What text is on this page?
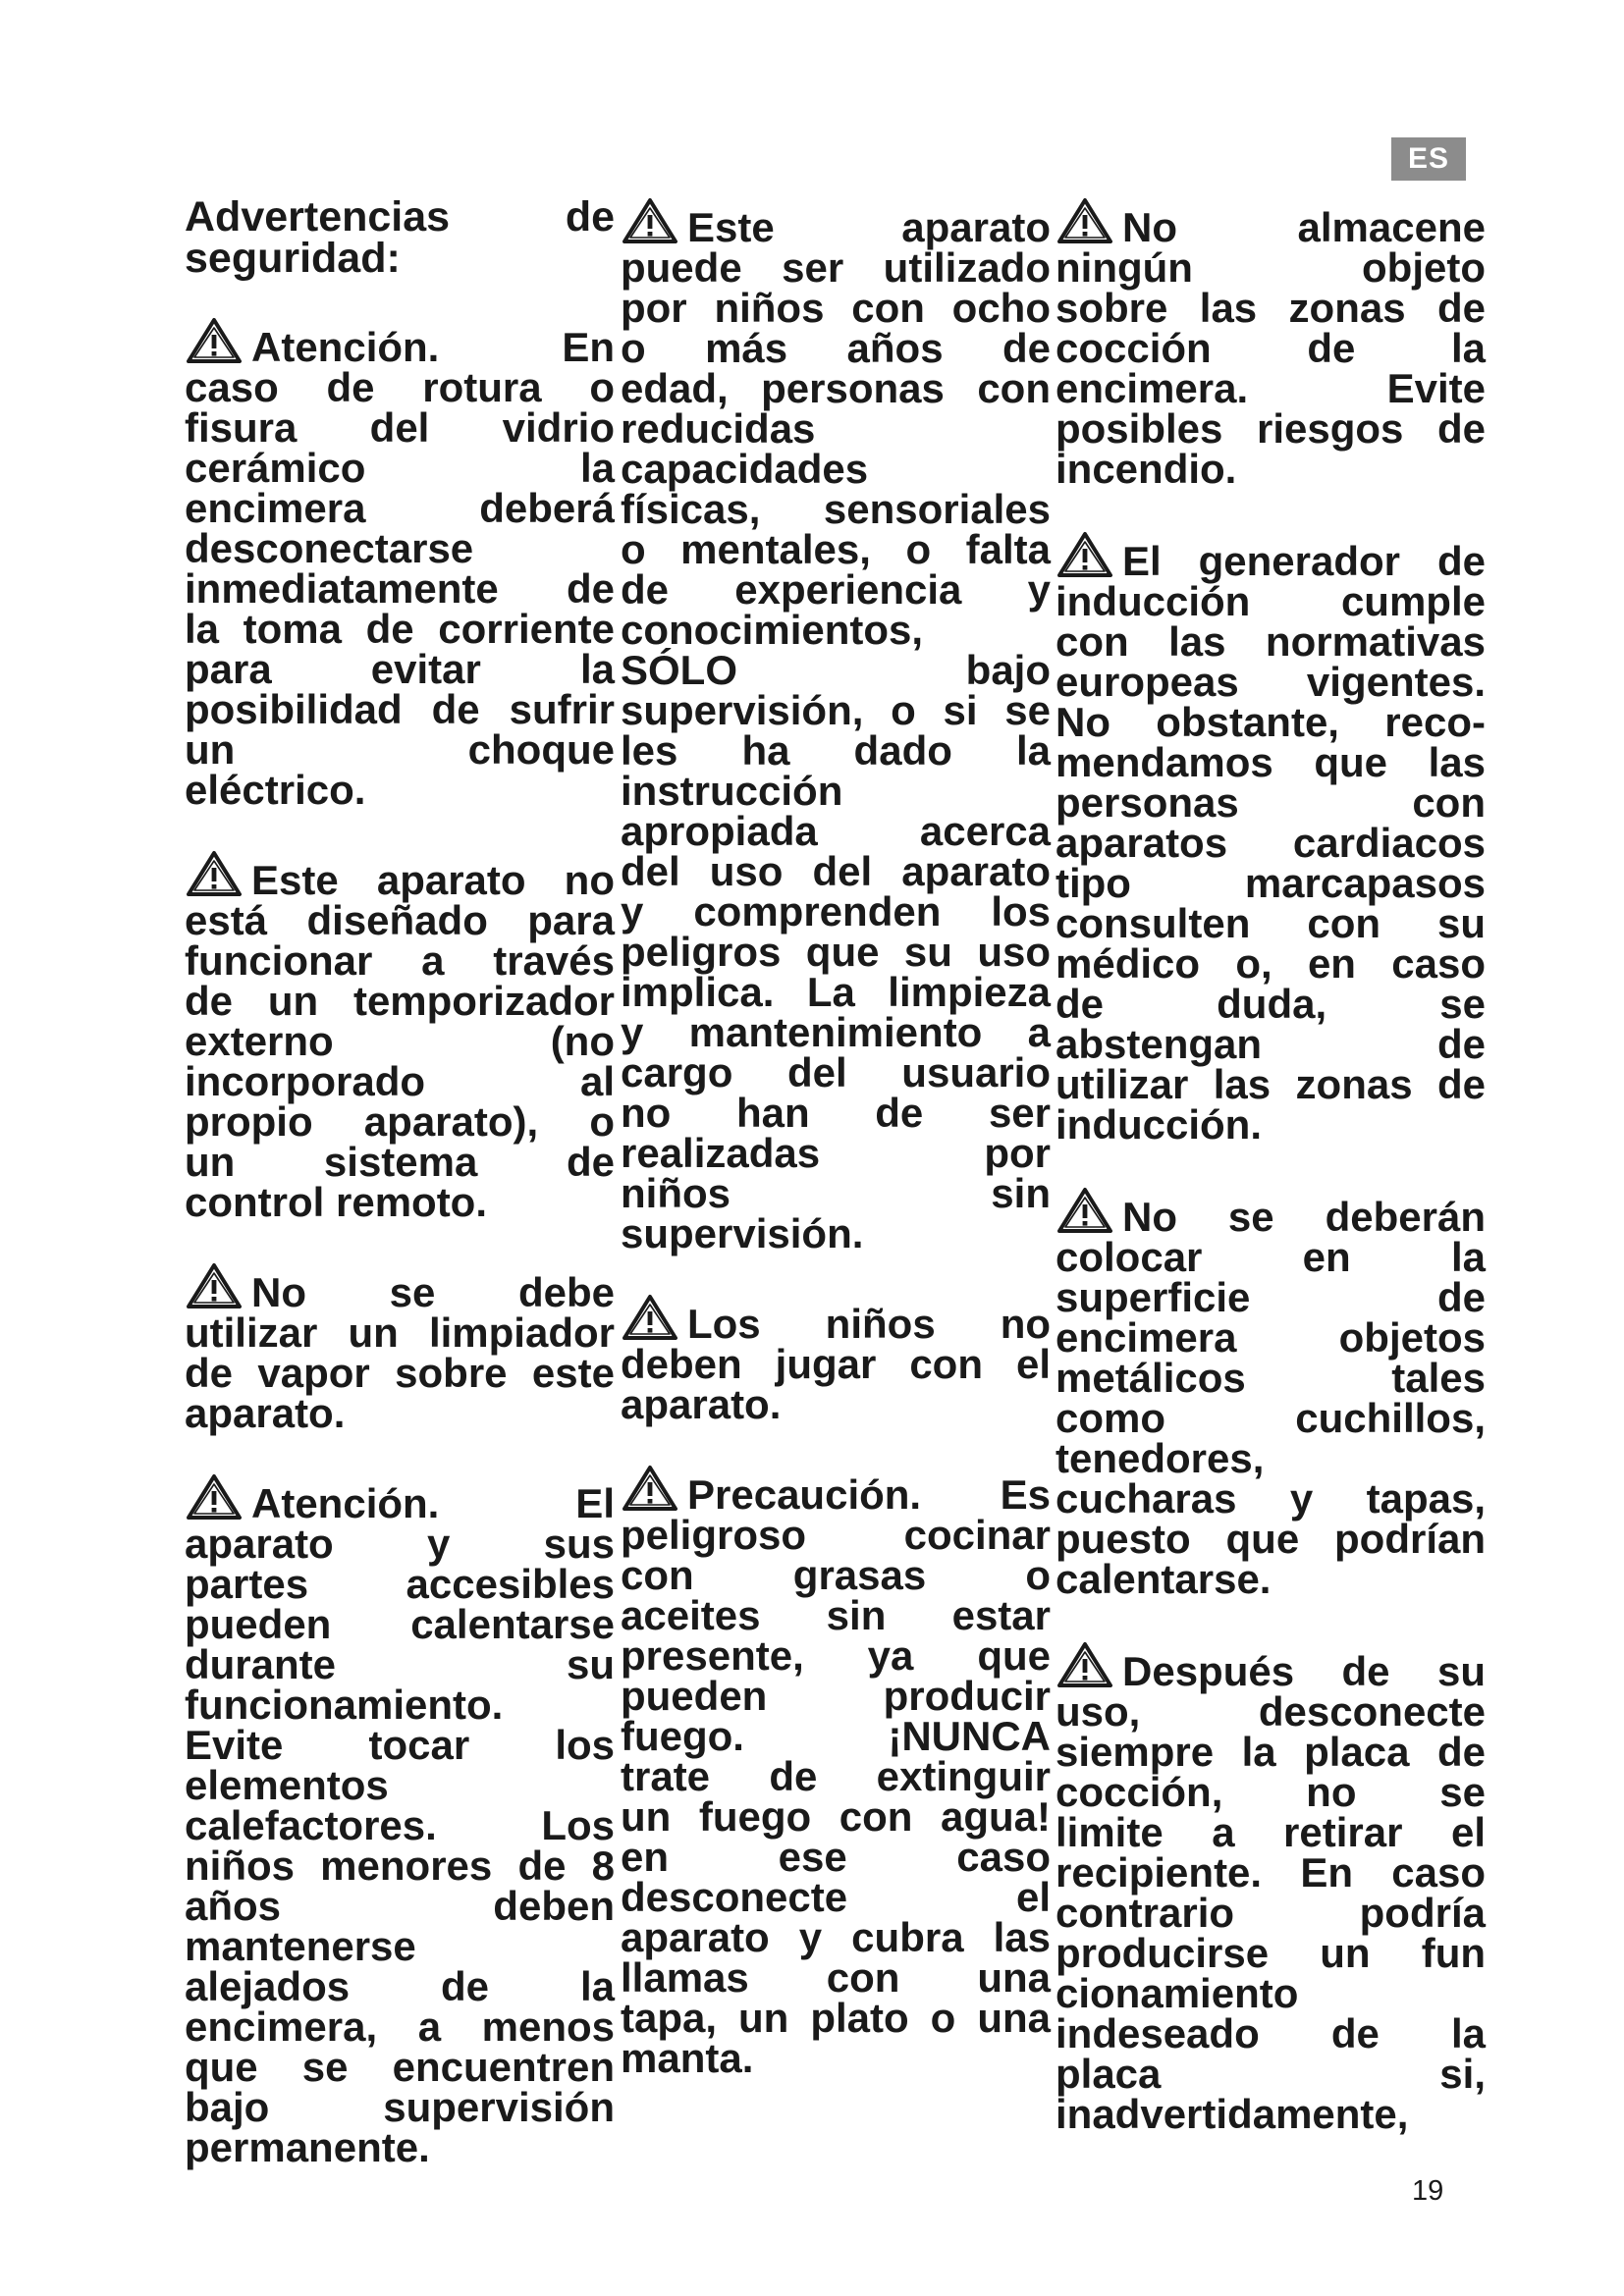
ES
Advertencias de
seguridad:
Atención. En
caso de rotura o
fisura del vidrio
cerámico la
encimera deberá
desconectarse
inmediatamente de
la toma de corriente
para evitar la
posibilidad de sufrir
un choque
eléctrico.
Este aparato no
está diseñado para
funcionar a través
de un temporizador
externo (no
incorporado al
propio aparato), o
un sistema de
control remoto.
No se debe
utilizar un limpiador
de vapor sobre este
aparato.
Atención. El
aparato y sus
partes accesibles
pueden calentarse
durante su
funcionamiento.
Evite tocar los
elementos
calefactores. Los
niños menores de 8
años deben
mantenerse
alejados de la
encimera, a menos
que se encuentren
bajo supervisión
permanente.
Este aparato
puede ser utilizado
por niños con ocho
o más años de
edad, personas con
reducidas
capacidades
físicas, sensoriales
o mentales, o falta
de experiencia y
conocimientos,
SÓLO bajo
supervisión, o si se
les ha dado la
instrucción
apropiada acerca
del uso del aparato
y comprenden los
peligros que su uso
implica. La limpieza
y mantenimiento a
cargo del usuario
no han de ser
realizadas por
niños sin
supervisión.
Los niños no
deben jugar con el
aparato.
Precaución. Es
peligroso cocinar
con grasas o
aceites sin estar
presente, ya que
pueden producir
fuego. ¡NUNCA
trate de extinguir
un fuego con agua!
en ese caso
desconecte el
aparato y cubra las
llamas con una
tapa, un plato o una
manta.
No almacene
ningún objeto
sobre las zonas de
cocción de la
encimera. Evite
posibles riesgos de
incendio.
El generador de
inducción cumple
con las normativas
europeas vigentes.
No obstante, reco-
mendamos que las
personas con
aparatos cardiacos
tipo marcapasos
consulten con su
médico o, en caso
de duda, se
abstengan de
utilizar las zonas de
inducción.
No se deberán
colocar en la
superficie de
encimera objetos
metálicos tales
como cuchillos,
tenedores,
cucharas y tapas,
puesto que podrían
calentarse.
Después de su
uso, desconecte
siempre la placa de
cocción, no se
limite a retirar el
recipiente. En caso
contrario podría
producirse un fun
cionamiento
indeseado de la
placa si,
inadvertidamente,
19
